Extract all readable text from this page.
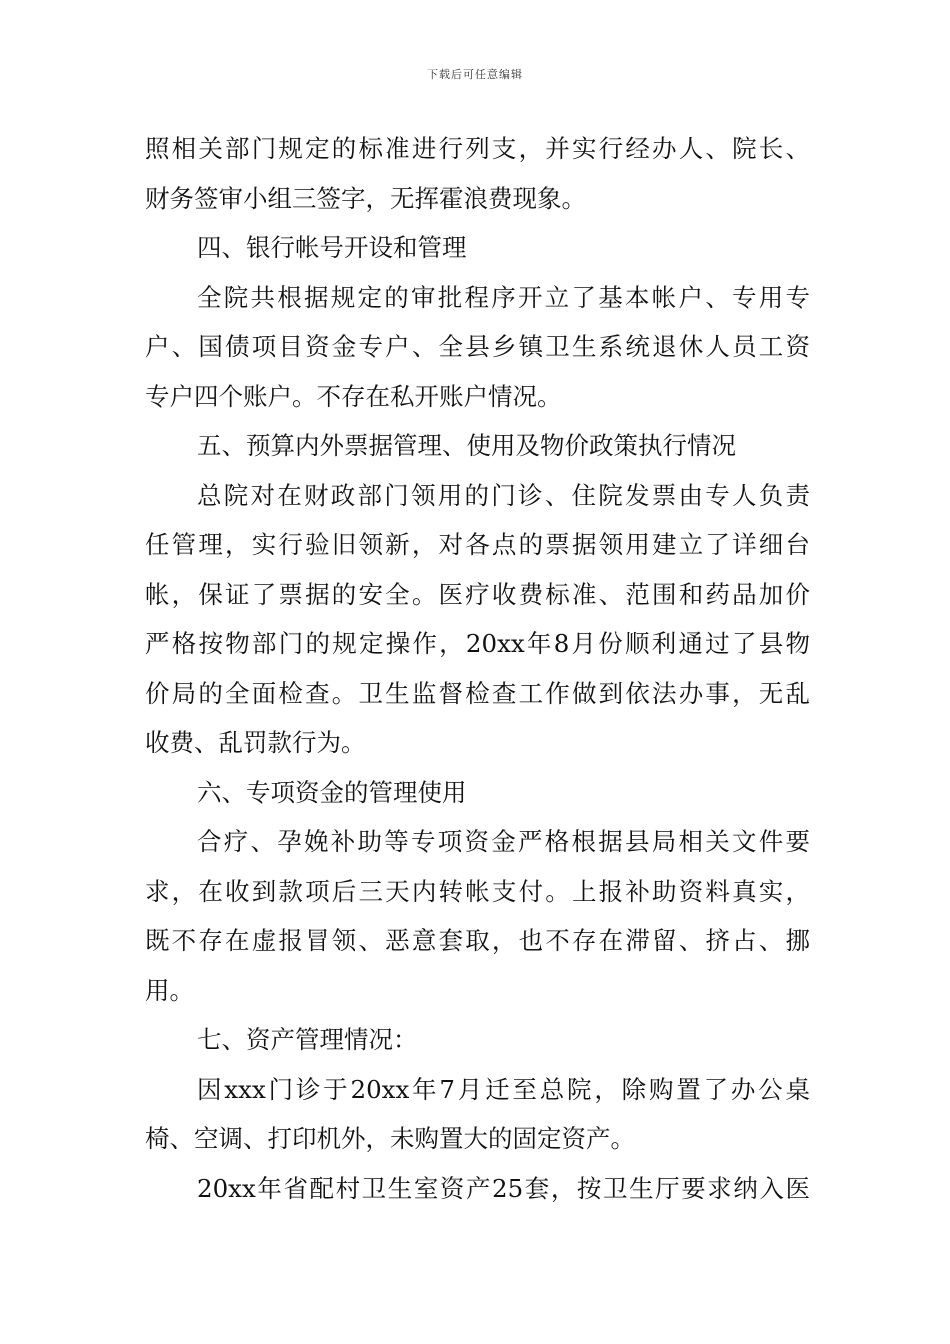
下载后可任意编辑
照相关部门规定的标准进行列支，并实行经办人、院长、
财务签审小组三签字，无挥霍浪费现象。
四、银行帐号开设和管理
全院共根据规定的审批程序开立了基本帐户、专用专
户、国债项目资金专户、全县乡镇卫生系统退休人员工资
专户四个账户。不存在私开账户情况。
五、预算内外票据管理、使用及物价政策执行情况
总院对在财政部门领用的门诊、住院发票由专人负责
任管理，实行验旧领新，对各点的票据领用建立了详细台
帐，保证了票据的安全。医疗收费标准、范围和药品加价
严格按物部门的规定操作，20xx年8月份顺利通过了县物
价局的全面检查。卫生监督检查工作做到依法办事，无乱
收费、乱罚款行为。
六、专项资金的管理使用
合疗、孕娩补助等专项资金严格根据县局相关文件要
求，在收到款项后三天内转帐支付。上报补助资料真实，
既不存在虚报冒领、恶意套取，也不存在滞留、挤占、挪
用。
七、资产管理情况：
因xxx门诊于20xx年7月迁至总院，除购置了办公桌
椅、空调、打印机外，未购置大的固定资产。
20xx年省配村卫生室资产25套，按卫生厅要求纳入医
